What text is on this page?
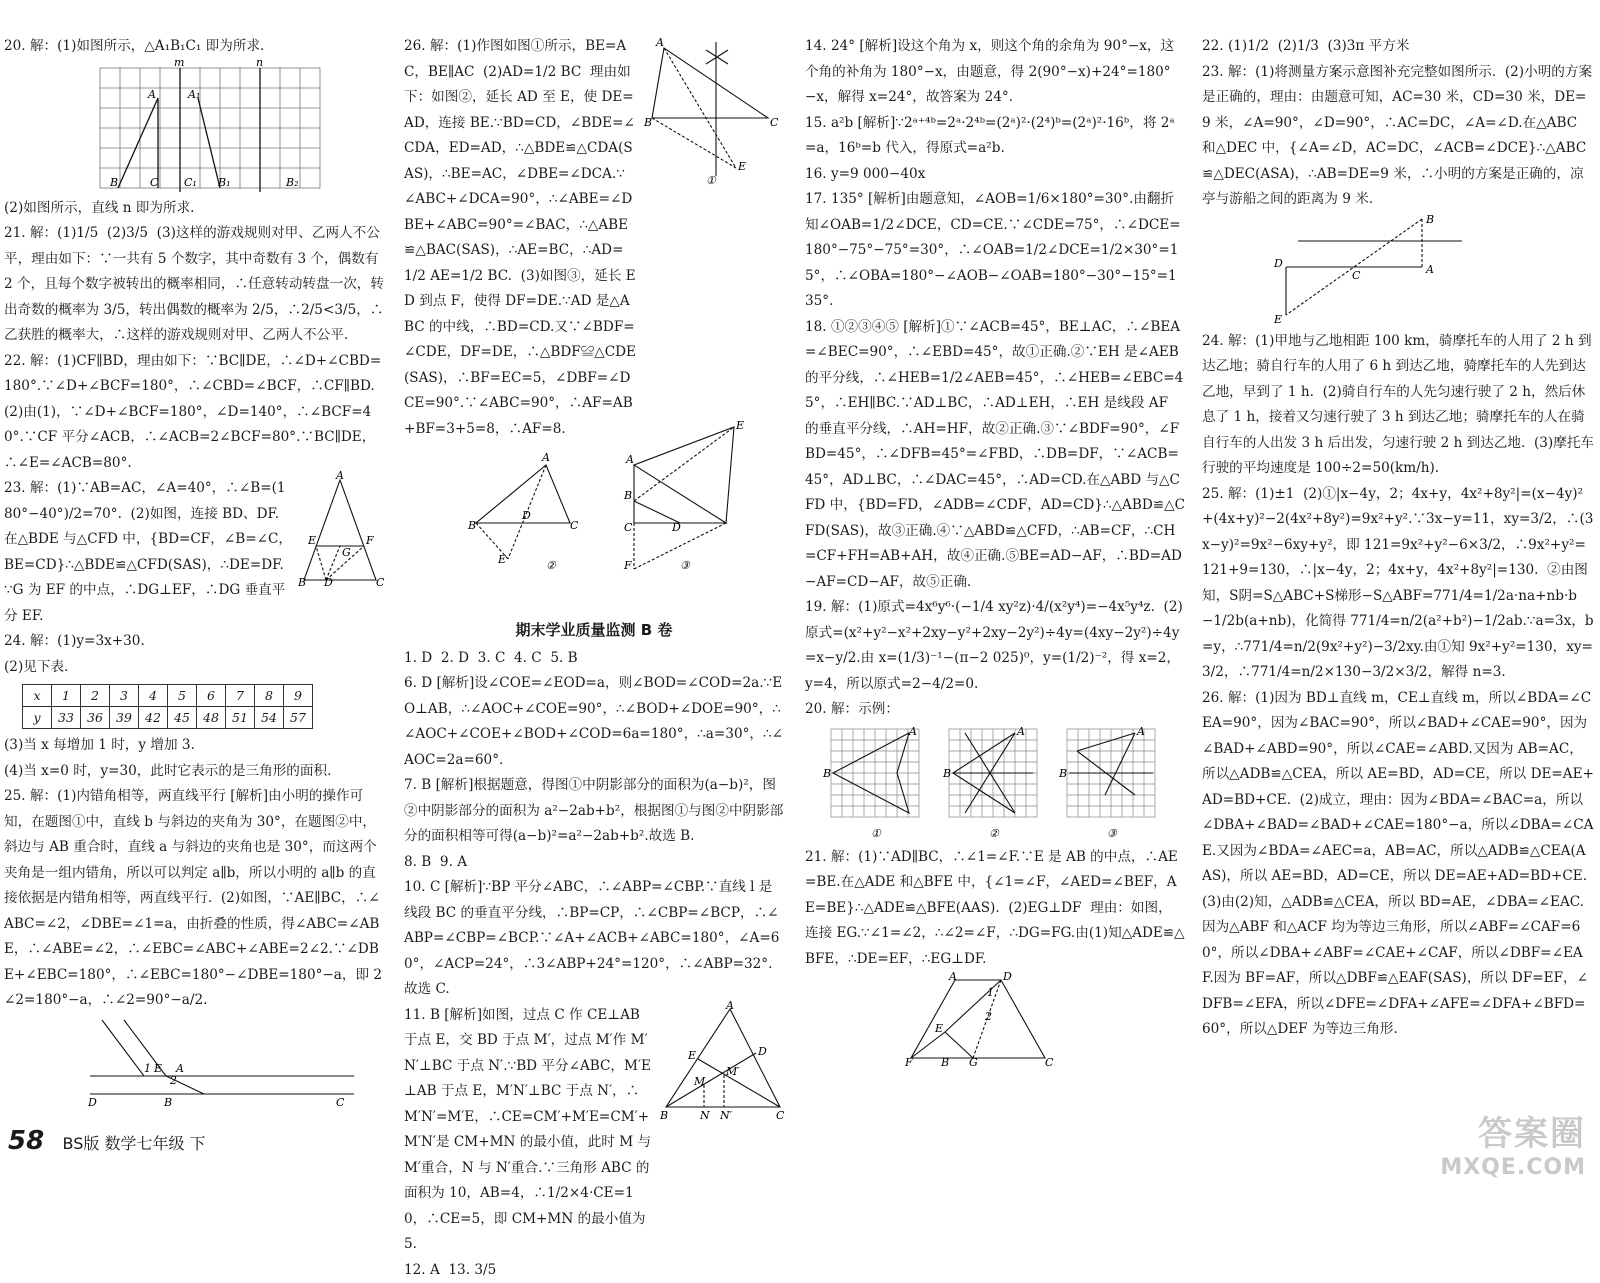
20. 解：(1)如图所示，△A₁B₁C₁ 即为所求.

m	n
A	A₁
B	C C₁ B₁	B₂

(2)如图所示，直线 n 即为所求.

21. 解：(1)1/5  (2)3/5  (3)这样的游戏规则对甲、乙两人不公平，理由如下：∵一共有 5 个数字，其中奇数有 3 个，偶数有 2 个，且每个数字被转出的概率相同，∴任意转动转盘一次，转出奇数的概率为 3/5，转出偶数的概率为 2/5，∴2/5<3/5，∴乙获胜的概率大，∴这样的游戏规则对甲、乙两人不公平.

22. 解：(1)CF∥BD，理由如下：∵BC∥DE，∴∠D+∠CBD=180°.∵∠D+∠BCF=180°，∴∠CBD=∠BCF，∴CF∥BD.  (2)由(1)，∵∠D+∠BCF=180°，∠D=140°，∴∠BCF=40°.∵CF 平分∠ACB，∴∠ACB=2∠BCF=80°.∵BC∥DE，∴∠E=∠ACB=80°.

23. 解：(1)∵AB=AC，∠A=40°，∴∠B=(180°−40°)/2=70°.  (2)如图，连接 BD、DF.在△BDE 与△CFD 中，{BD=CF，∠B=∠C，BE=CD}∴△BDE≌△CFD(SAS)，∴DE=DF.∵G 为 EF 的中点，∴DG⊥EF，∴DG 垂直平分 EF.

A
B	C
E	F
G
D

24. 解：(1)y=3x+30.

(2)见下表.

x	1	2	3	4	5	6	7	8	9
y	33	36	39	42	45	48	51	54	57

(3)当 x 每增加 1 时，y 增加 3.

(4)当 x=0 时，y=30，此时它表示的是三角形的面积.

25. 解：(1)内错角相等，两直线平行 [解析]由小明的操作可知，在题图①中，直线 b 与斜边的夹角为 30°，在题图②中，斜边与 AB 重合时，直线 a 与斜边的夹角也是 30°，而这两个夹角是一组内错角，所以可以判定 a∥b，所以小明的 a∥b 的直接依据是内错角相等，两直线平行.  (2)如图，∵AE∥BC，∴∠ABC=∠2，∠DBE=∠1=a，由折叠的性质，得∠ABC=∠ABE，∴∠ABE=∠2，∴∠EBC=∠ABC+∠ABE=2∠2.∵∠DBE+∠EBC=180°，∴∠EBC=180°−∠DBE=180°−a，即 2∠2=180°−a，∴∠2=90°−a/2.

E A
D	B	C
1
2

26. 解：(1)作图如图①所示，BE=AC，BE∥AC  (2)AD=1/2 BC  理由如下：如图②，延长 AD 至 E，使 DE=AD，连接 BE.∵BD=CD，∠BDE=∠CDA，ED=AD，∴△BDE≌△CDA(SAS)，∴BE=AC，∠DBE=∠DCA.∵∠ABC+∠DCA=90°，∴∠ABE=∠DBE+∠ABC=90°=∠BAC，∴△ABE≌△BAC(SAS)，∴AE=BC，∴AD=1/2 AE=1/2 BC.  (3)如图③，延长 ED 到点 F，使得 DF=DE.∵AD 是△ABC 的中线，∴BD=CD.又∵∠BDF=∠CDE，DF=DE，∴△BDF≌△CDE(SAS)，∴BF=EC=5，∠DBF=∠DCE=90°.∵∠ABC=90°，∴AF=AB+BF=3+5=8，∴AF=8.

A
B	C
E
①
A
B	C
D
E
A
B
C	D
E
F
②	③
期末学业质量监测 B 卷

1. D  2. D  3. C  4. C  5. B

6. D [解析]设∠COE=∠EOD=a，则∠BOD=∠COD=2a.∵EO⊥AB，∴∠AOC+∠COE=90°，∴∠BOD+∠DOE=90°，∴∠AOC+∠COE+∠BOD+∠COD=6a=180°，∴a=30°，∴∠AOC=2a=60°.

7. B [解析]根据题意，得图①中阴影部分的面积为(a−b)²，图②中阴影部分的面积为 a²−2ab+b²，根据图①与图②中阴影部分的面积相等可得(a−b)²=a²−2ab+b².故选 B.

8. B  9. A

10. C [解析]∵BP 平分∠ABC，∴∠ABP=∠CBP.∵直线 l 是线段 BC 的垂直平分线，∴BP=CP，∴∠CBP=∠BCP，∴∠ABP=∠CBP=∠BCP.∵∠A+∠ACB+∠ABC=180°，∠A=60°，∠ACP=24°，∴3∠ABP+24°=120°，∴∠ABP=32°.故选 C.

11. B [解析]如图，过点 C 作 CE⊥AB 于点 E，交 BD 于点 M′，过点 M′作 M′N′⊥BC 于点 N′.∵BD 平分∠ABC，M′E⊥AB 于点 E，M′N′⊥BC 于点 N′，∴M′N′=M′E，∴CE=CM′+M′E=CM′+M′N′是 CM+MN 的最小值，此时 M 与 M′重合，N 与 N′重合.∵三角形 ABC 的面积为 10，AB=4，∴1/2×4·CE=10，∴CE=5，即 CM+MN 的最小值为 5.

A
B	C
E	D
M′
M
N N′

12. A  13. 3/5

14. 24° [解析]设这个角为 x，则这个角的余角为 90°−x，这个角的补角为 180°−x，由题意，得 2(90°−x)+24°=180°−x，解得 x=24°，故答案为 24°.

15. a²b [解析]∵2ᵃ⁺⁴ᵇ=2ᵃ·2⁴ᵇ=(2ᵃ)²·(2⁴)ᵇ=(2ᵃ)²·16ᵇ，将 2ᵃ=a，16ᵇ=b 代入，得原式=a²b.

16. y=9 000−40x

17. 135° [解析]由题意知，∠AOB=1/6×180°=30°.由翻折知∠OAB=1/2∠DCE，CD=CE.∵∠CDE=75°，∴∠DCE=180°−75°−75°=30°，∴∠OAB=1/2∠DCE=1/2×30°=15°，∴∠OBA=180°−∠AOB−∠OAB=180°−30°−15°=135°.

18. ①②③④⑤ [解析]①∵∠ACB=45°，BE⊥AC，∴∠BEA=∠BEC=90°，∴∠EBD=45°，故①正确.②∵EH 是∠AEB 的平分线，∴∠HEB=1/2∠AEB=45°，∴∠HEB=∠EBC=45°，∴EH∥BC.∵AD⊥BC，∴AD⊥EH，∴EH 是线段 AF 的垂直平分线，∴AH=HF，故②正确.③∵∠BDF=90°，∠FBD=45°，∴∠DFB=45°=∠FBD，∴DB=DF，∵∠ACB=45°，AD⊥BC，∴∠DAC=45°，∴AD=CD.在△ABD 与△CFD 中，{BD=FD，∠ADB=∠CDF，AD=CD}∴△ABD≌△CFD(SAS)，故③正确.④∵△ABD≌△CFD，∴AB=CF，∴CH=CF+FH=AB+AH，故④正确.⑤BE=AD−AF，∴BD=AD−AF=CD−AF，故⑤正确.

19. 解：(1)原式=4x⁶y⁶·(−1/4 xy²z)·4/(x²y⁴)=−4x⁵y⁴z.  (2)原式=(x²+y²−x²+2xy−y²+2xy−2y²)÷4y=(4xy−2y²)÷4y=x−y/2.由 x=(1/3)⁻¹−(π−2 025)⁰，y=(1/2)⁻²，得 x=2，y=4，所以原式=2−4/2=0.

20. 解：示例：

B
A	A
B
A
B
①	②	③

21. 解：(1)∵AD∥BC，∴∠1=∠F.∵E 是 AB 的中点，∴AE=BE.在△ADE 和△BFE 中，{∠1=∠F，∠AED=∠BEF，AE=BE}∴△ADE≌△BFE(AAS).  (2)EG⊥DF  理由：如图，连接 EG.∵∠1=∠2，∴∠2=∠F，∴DG=FG.由(1)知△ADE≌△BFE，∴DE=EF，∴EG⊥DF.

A	D
E
F	B G	C
1
2

22. (1)1/2  (2)1/3  (3)3π 平方米

23. 解：(1)将测量方案示意图补充完整如图所示.  (2)小明的方案是正确的，理由：由题意可知，AC=30 米，CD=30 米，DE=9 米，∠A=90°，∠D=90°，∴AC=DC，∠A=∠D.在△ABC 和△DEC 中，{∠A=∠D，AC=DC，∠ACB=∠DCE}∴△ABC≌△DEC(ASA)，∴AB=DE=9 米，∴小明的方案是正确的，凉亭与游船之间的距离为 9 米.

B
D
C	A
E

24. 解：(1)甲地与乙地相距 100 km，骑摩托车的人用了 2 h 到达乙地；骑自行车的人用了 6 h 到达乙地，骑摩托车的人先到达乙地，早到了 1 h.  (2)骑自行车的人先匀速行驶了 2 h，然后休息了 1 h，接着又匀速行驶了 3 h 到达乙地；骑摩托车的人在骑自行车的人出发 3 h 后出发，匀速行驶 2 h 到达乙地.  (3)摩托车行驶的平均速度是 100÷2=50(km/h).

25. 解：(1)±1  (2)①|x−4y，2；4x+y，4x²+8y²|=(x−4y)²+(4x+y)²−2(4x²+8y²)=9x²+y².∵3x−y=11，xy=3/2，∴(3x−y)²=9x²−6xy+y²，即 121=9x²+y²−6×3/2，∴9x²+y²=121+9=130，∴|x−4y，2；4x+y，4x²+8y²|=130.  ②由图知，S阴=S△ABC+S梯形−S△ABF=771/4=1/2a·na+nb·b−1/2b(a+nb)，化简得 771/4=n/2(a²+b²)−1/2ab.∵a=3x，b=y，∴771/4=n/2(9x²+y²)−3/2xy.由①知 9x²+y²=130，xy=3/2，∴771/4=n/2×130−3/2×3/2，解得 n=3.

26. 解：(1)因为 BD⊥直线 m，CE⊥直线 m，所以∠BDA=∠CEA=90°，因为∠BAC=90°，所以∠BAD+∠CAE=90°，因为∠BAD+∠ABD=90°，所以∠CAE=∠ABD.又因为 AB=AC，所以△ADB≌△CEA，所以 AE=BD，AD=CE，所以 DE=AE+AD=BD+CE.  (2)成立，理由：因为∠BDA=∠BAC=a，所以∠DBA+∠BAD=∠BAD+∠CAE=180°−a，所以∠DBA=∠CAE.又因为∠BDA=∠AEC=a，AB=AC，所以△ADB≌△CEA(AAS)，所以 AE=BD，AD=CE，所以 DE=AE+AD=BD+CE.  (3)由(2)知，△ADB≌△CEA，所以 BD=AE，∠DBA=∠EAC.因为△ABF 和△ACF 均为等边三角形，所以∠ABF=∠CAF=60°，所以∠DBA+∠ABF=∠CAE+∠CAF，所以∠DBF=∠EAF.因为 BF=AF，所以△DBF≌△EAF(SAS)，所以 DF=EF，∠DFB=∠EFA，所以∠DFE=∠DFA+∠AFE=∠DFA+∠BFD=60°，所以△DEF 为等边三角形.

58 BS版 数学七年级 下	答案圈
MXQE.COM
